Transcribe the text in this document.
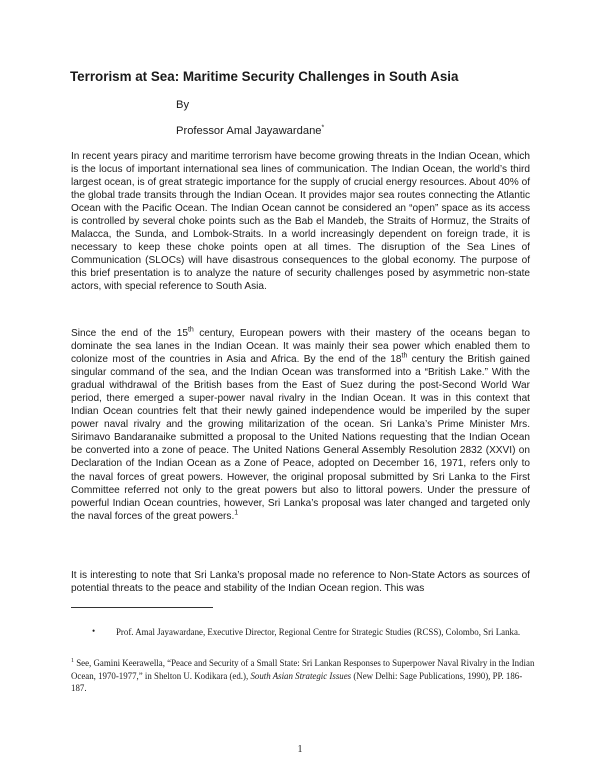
Terrorism at Sea: Maritime Security Challenges in South Asia
By
Professor Amal Jayawardane*

In recent years piracy and maritime terrorism have become growing threats in the Indian Ocean, which is the locus of important international sea lines of communication. The Indian Ocean, the world’s third largest ocean, is of great strategic importance for the supply of crucial energy resources. About 40% of the global trade transits through the Indian Ocean. It provides major sea routes connecting the Atlantic Ocean with the Pacific Ocean. The Indian Ocean cannot be considered an “open” space as its access is controlled by several choke points such as the Bab el Mandeb, the Straits of Hormuz, the Straits of Malacca, the Sunda, and Lombok-Straits. In a world increasingly dependent on foreign trade, it is necessary to keep these choke points open at all times. The disruption of the Sea Lines of Communication (SLOCs) will have disastrous consequences to the global economy. The purpose of this brief presentation is to analyze the nature of security challenges posed by asymmetric non-state actors, with special reference to South Asia.

Since the end of the 15th century, European powers with their mastery of the oceans began to dominate the sea lanes in the Indian Ocean. It was mainly their sea power which enabled them to colonize most of the countries in Asia and Africa. By the end of the 18th century the British gained singular command of the sea, and the Indian Ocean was transformed into a “British Lake.” With the gradual withdrawal of the British bases from the East of Suez during the post-Second World War period, there emerged a super-power naval rivalry in the Indian Ocean. It was in this context that Indian Ocean countries felt that their newly gained independence would be imperiled by the super power naval rivalry and the growing militarization of the ocean. Sri Lanka’s Prime Minister Mrs. Sirimavo Bandaranaike submitted a proposal to the United Nations requesting that the Indian Ocean be converted into a zone of peace. The United Nations General Assembly Resolution 2832 (XXVI) on Declaration of the Indian Ocean as a Zone of Peace, adopted on December 16, 1971, refers only to the naval forces of great powers. However, the original proposal submitted by Sri Lanka to the First Committee referred not only to the great powers but also to littoral powers. Under the pressure of powerful Indian Ocean countries, however, Sri Lanka’s proposal was later changed and targeted only the naval forces of the great powers.$^1$

It is interesting to note that Sri Lanka’s proposal made no reference to Non-State Actors as sources of potential threats to the peace and stability of the Indian Ocean region. This was

• Prof. Amal Jayawardane, Executive Director, Regional Centre for Strategic Studies (RCSS), Colombo, Sri Lanka.

$^1$ See, Gamini Keerawella, “Peace and Security of a Small State: Sri Lankan Responses to Superpower Naval Rivalry in the Indian Ocean, 1970-1977,” in Shelton U. Kodikara (ed.), South Asian Strategic Issues (New Delhi: Sage Publications, 1990), PP. 186-187.

1
